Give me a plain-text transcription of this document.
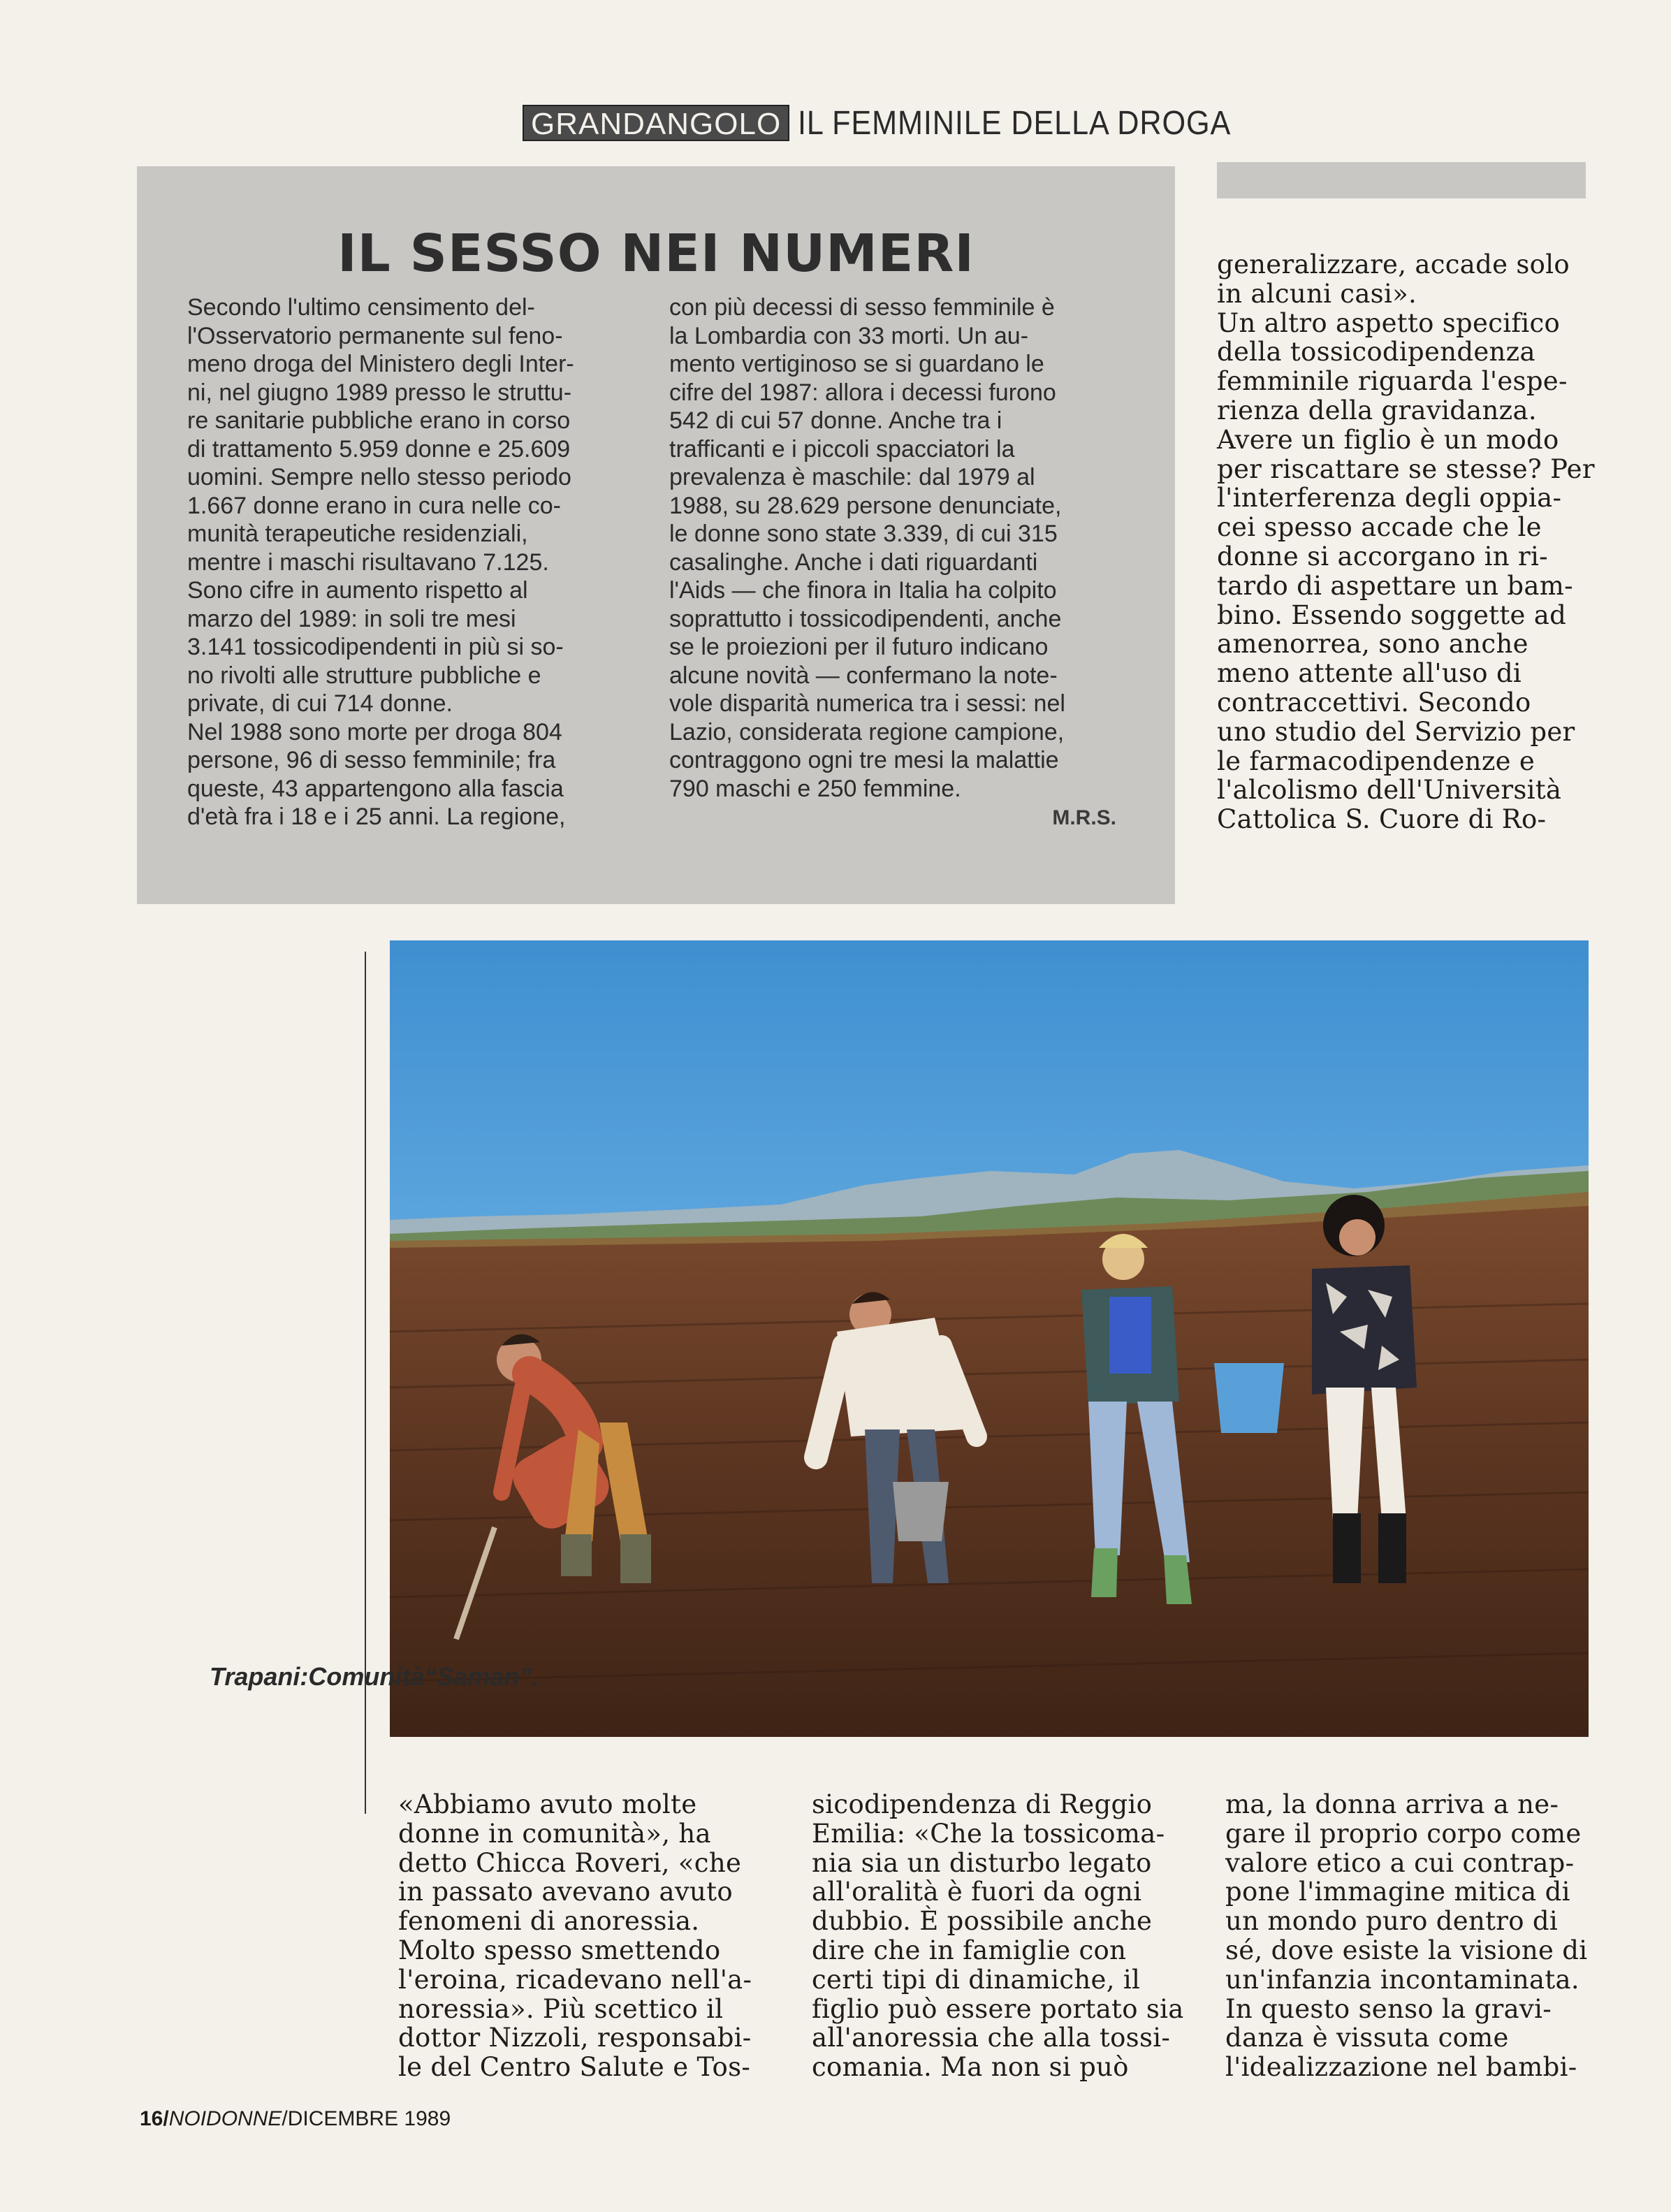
GRANDANGOLO IL FEMMINILE DELLA DROGA
IL SESSO NEI NUMERI
Secondo l'ultimo censimento del-
l'Osservatorio permanente sul feno-
meno droga del Ministero degli Inter-
ni, nel giugno 1989 presso le struttu-
re sanitarie pubbliche erano in corso
di trattamento 5.959 donne e 25.609
uomini. Sempre nello stesso periodo
1.667 donne erano in cura nelle co-
munità terapeutiche residenziali,
mentre i maschi risultavano 7.125.
Sono cifre in aumento rispetto al
marzo del 1989: in soli tre mesi
3.141 tossicodipendenti in più si so-
no rivolti alle strutture pubbliche e
private, di cui 714 donne.
Nel 1988 sono morte per droga 804
persone, 96 di sesso femminile; fra
queste, 43 appartengono alla fascia
d'età fra i 18 e i 25 anni. La regione,
con più decessi di sesso femminile è
la Lombardia con 33 morti. Un au-
mento vertiginoso se si guardano le
cifre del 1987: allora i decessi furono
542 di cui 57 donne. Anche tra i
trafficanti e i piccoli spacciatori la
prevalenza è maschile: dal 1979 al
1988, su 28.629 persone denunciate,
le donne sono state 3.339, di cui 315
casalinghe. Anche i dati riguardanti
l'Aids — che finora in Italia ha colpito
soprattutto i tossicodipendenti, anche
se le proiezioni per il futuro indicano
alcune novità — confermano la note-
vole disparità numerica tra i sessi: nel
Lazio, considerata regione campione,
contraggono ogni tre mesi la malattie
790 maschi e 250 femmine.
M.R.S.
generalizzare, accade solo
in alcuni casi».
Un altro aspetto specifico
della tossicodipendenza
femminile riguarda l'espe-
rienza della gravidanza.
Avere un figlio è un modo
per riscattare se stesse? Per
l'interferenza degli oppia-
cei spesso accade che le
donne si accorgano in ri-
tardo di aspettare un bam-
bino. Essendo soggette ad
amenorrea, sono anche
meno attente all'uso di
contraccettivi. Secondo
uno studio del Servizio per
le farmacodipendenze e
l'alcolismo dell'Università
Cattolica S. Cuore di Ro-
Trapani:Comunità“Saman”.
«Abbiamo avuto molte
donne in comunità», ha
detto Chicca Roveri, «che
in passato avevano avuto
fenomeni di anoressia.
Molto spesso smettendo
l'eroina, ricadevano nell'a-
noressia». Più scettico il
dottor Nizzoli, responsabi-
le del Centro Salute e Tos-
sicodipendenza di Reggio
Emilia: «Che la tossicoma-
nia sia un disturbo legato
all'oralità è fuori da ogni
dubbio. È possibile anche
dire che in famiglie con
certi tipi di dinamiche, il
figlio può essere portato sia
all'anoressia che alla tossi-
comania. Ma non si può
ma, la donna arriva a ne-
gare il proprio corpo come
valore etico a cui contrap-
pone l'immagine mitica di
un mondo puro dentro di
sé, dove esiste la visione di
un'infanzia incontaminata.
In questo senso la gravi-
danza è vissuta come
l'idealizzazione nel bambi-
16/NOIDONNE/DICEMBRE 1989
